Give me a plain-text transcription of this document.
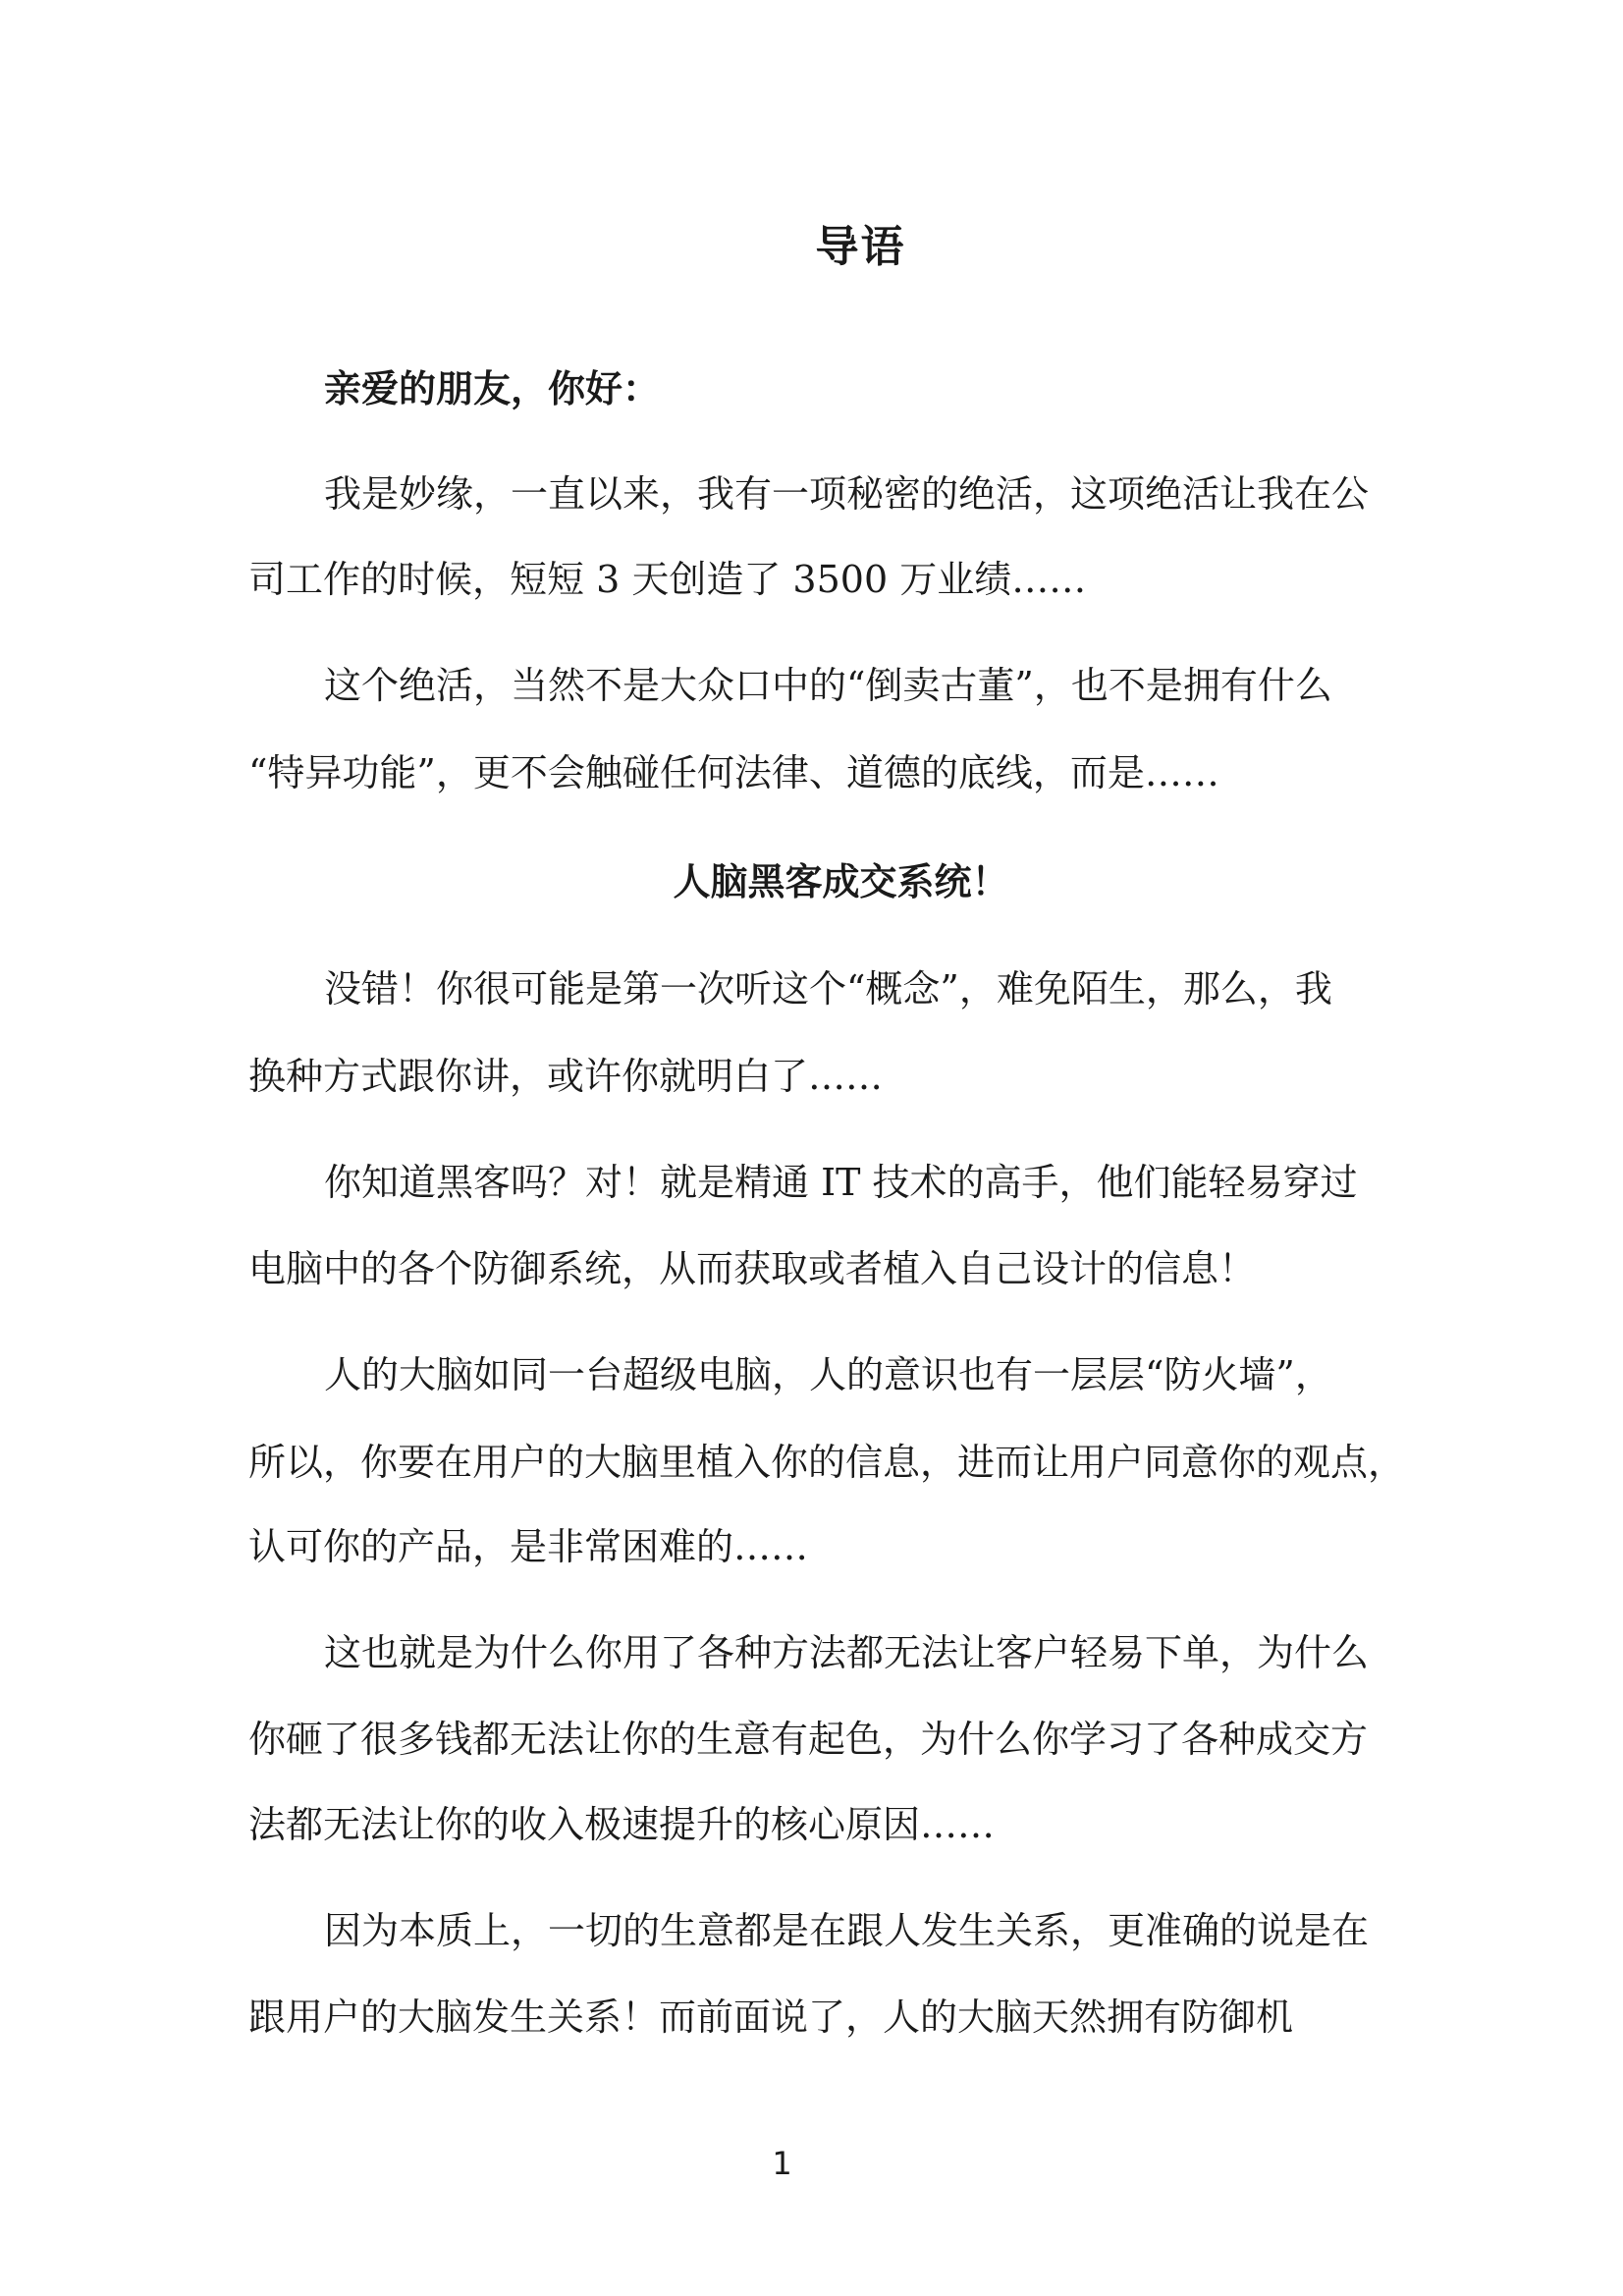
导语
亲爱的朋友，你好：
我是妙缘，一直以来，我有一项秘密的绝活，这项绝活让我在公
司工作的时候，短短 3 天创造了 3500 万业绩……
这个绝活，当然不是大众口中的“倒卖古董”，也不是拥有什么
“特异功能”，更不会触碰任何法律、道德的底线，而是……
人脑黑客成交系统！
没错！你很可能是第一次听这个“概念”，难免陌生，那么，我
换种方式跟你讲，或许你就明白了……
你知道黑客吗？对！就是精通 IT 技术的高手，他们能轻易穿过
电脑中的各个防御系统，从而获取或者植入自己设计的信息！
人的大脑如同一台超级电脑，人的意识也有一层层“防火墙”，
所以，你要在用户的大脑里植入你的信息，进而让用户同意你的观点，
认可你的产品，是非常困难的……
这也就是为什么你用了各种方法都无法让客户轻易下单，为什么
你砸了很多钱都无法让你的生意有起色，为什么你学习了各种成交方
法都无法让你的收入极速提升的核心原因……
因为本质上，一切的生意都是在跟人发生关系，更准确的说是在
跟用户的大脑发生关系！而前面说了，人的大脑天然拥有防御机
1
